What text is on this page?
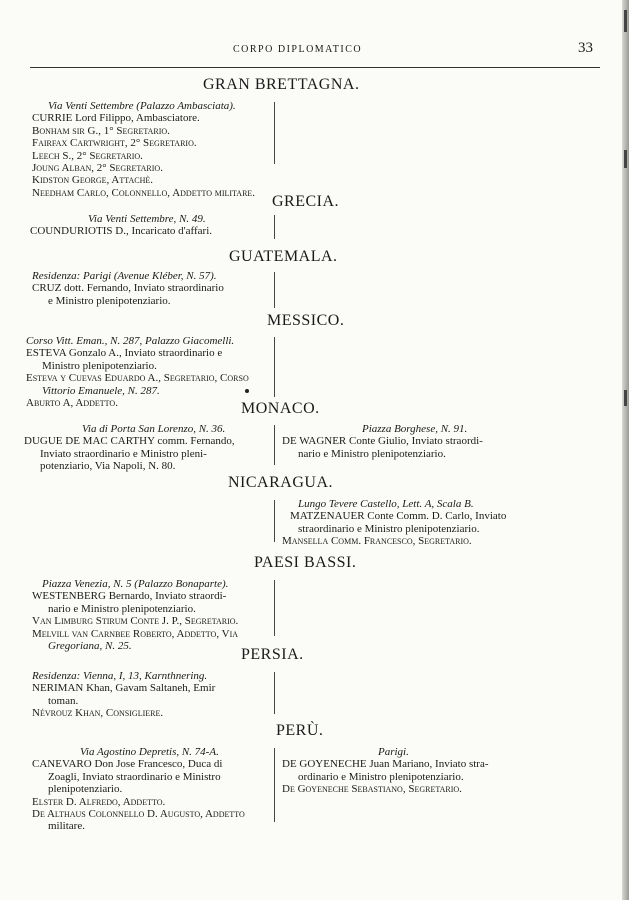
CORPO DIPLOMATICO	33
GRAN BRETTAGNA.
Via Venti Settembre (Palazzo Ambasciata).
CURRIE Lord Filippo, Ambasciatore.
Bonham sir G., 1° Segretario.
Fairfax Cartwright, 2° Segretario.
Leech S., 2° Segretario.
Joung Alban, 2° Segretario.
Kidston George, Attachè.
Needham Carlo, Colonnello, Addetto militare.
GRECIA.
Via Venti Settembre, N. 49.
COUNDURIOTIS D., Incaricato d'affari.
GUATEMALA.
Residenza: Parigi (Avenue Kléber, N. 57).
CRUZ dott. Fernando, Inviato straordinario
e Ministro plenipotenziario.
MESSICO.
Corso Vitt. Eman., N. 287, Palazzo Giacomelli.
ESTEVA Gonzalo A., Inviato straordinario e
Ministro plenipotenziario.
Esteva y Cuevas Eduardo A., Segretario, Corso
Vittorio Emanuele, N. 287.
Aburto A, Addetto.	MONACO.
Via di Porta San Lorenzo, N. 36.
DUGUE DE MAC CARTHY comm. Fernando,
Inviato straordinario e Ministro pleni-
potenziario, Via Napoli, N. 80.
Piazza Borghese, N. 91.
DE WAGNER Conte Giulio, Inviato straordi-
nario e Ministro plenipotenziario.
NICARAGUA.
Lungo Tevere Castello, Lett. A, Scala B.
MATZENAUER Conte Comm. D. Carlo, Inviato
straordinario e Ministro plenipotenziario.
Mansella Comm. Francesco, Segretario.
PAESI BASSI.
Piazza Venezia, N. 5 (Palazzo Bonaparte).
WESTENBERG Bernardo, Inviato straordi-
nario e Ministro plenipotenziario.
Van Limburg Stirum Conte J. P., Segretario.
Melvill van Carnbee Roberto, Addetto, Via
Gregoriana, N. 25.	PERSIA.
Residenza: Vienna, I, 13, Karnthnering.
NERIMAN Khan, Gavam Saltaneh, Emir
toman.
Névrouz Khan, Consigliere.
PERÙ.
Via Agostino Depretis, N. 74-A.
CANEVARO Don Jose Francesco, Duca di
Zoagli, Inviato straordinario e Ministro
plenipotenziario.
Elster D. Alfredo, Addetto.
De Althaus Colonnello D. Augusto, Addetto
militare.
Parigi.
DE GOYENECHE Juan Mariano, Inviato stra-
ordinario e Ministro plenipotenziario.
De Goyeneche Sebastiano, Segretario.
